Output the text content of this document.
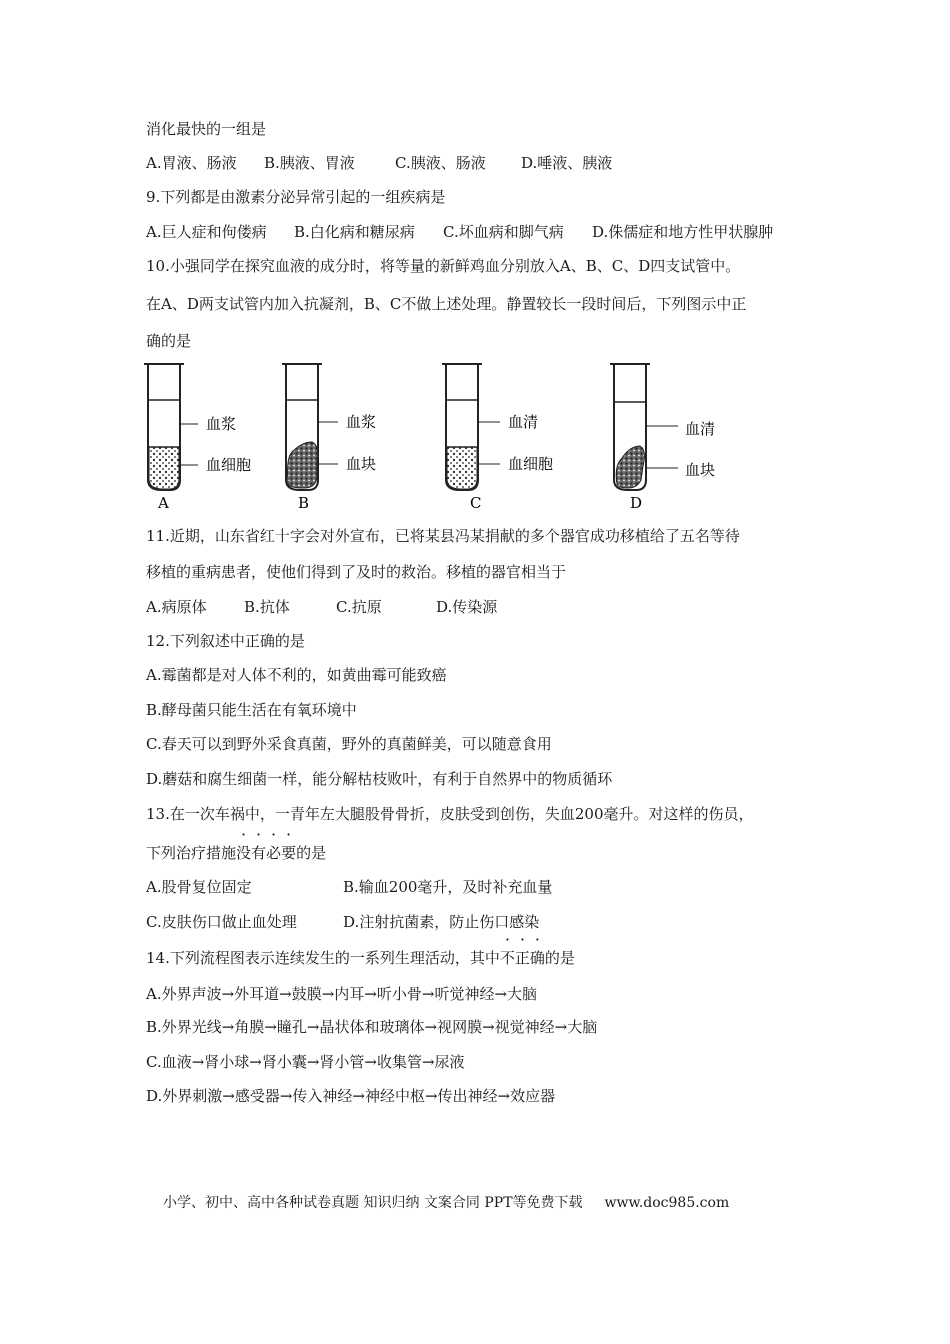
消化最快的一组是
A.胃液、肠液 B.胰液、胃液	C.胰液、肠液 D.唾液、胰液
9.下列都是由激素分泌异常引起的一组疾病是
A.巨人症和佝偻病 B.白化病和糖尿病 C.坏血病和脚气病 D.侏儒症和地方性甲状腺肿
10.小强同学在探究血液的成分时，将等量的新鲜鸡血分别放入A、B、C、D四支试管中。
在A、D两支试管内加入抗凝剂，B、C不做上述处理。静置较长一段时间后，下列图示中正
确的是
血浆
血细胞
A
血浆
血块
B
血清
血细胞
C
血清
血块
D
11.近期，山东省红十字会对外宣布，已将某县冯某捐献的多个器官成功移植给了五名等待
移植的重病患者，使他们得到了及时的救治。移植的器官相当于
A.病原体 B.抗体	C.抗原	D.传染源
12.下列叙述中正确的是
A.霉菌都是对人体不利的，如黄曲霉可能致癌
B.酵母菌只能生活在有氧环境中
C.春天可以到野外采食真菌，野外的真菌鲜美，可以随意食用
D.蘑菇和腐生细菌一样，能分解枯枝败叶，有利于自然界中的物质循环
13.在一次车祸中，一青年左大腿股骨骨折，皮肤受到创伤，失血200毫升。对这样的伤员，
下列治疗措施没有必要的是
A.股骨复位固定	B.输血200毫升，及时补充血量
C.皮肤伤口做止血处理	D.注射抗菌素，防止伤口感染
14.下列流程图表示连续发生的一系列生理活动，其中不正确的是
A.外界声波→外耳道→鼓膜→内耳→听小骨→听觉神经→大脑
B.外界光线→角膜→瞳孔→晶状体和玻璃体→视网膜→视觉神经→大脑
C.血液→肾小球→肾小囊→肾小管→收集管→尿液
D.外界刺激→感受器→传入神经→神经中枢→传出神经→效应器
小学、初中、高中各种试卷真题 知识归纳 文案合同 PPT等免费下载 www.doc985.com
